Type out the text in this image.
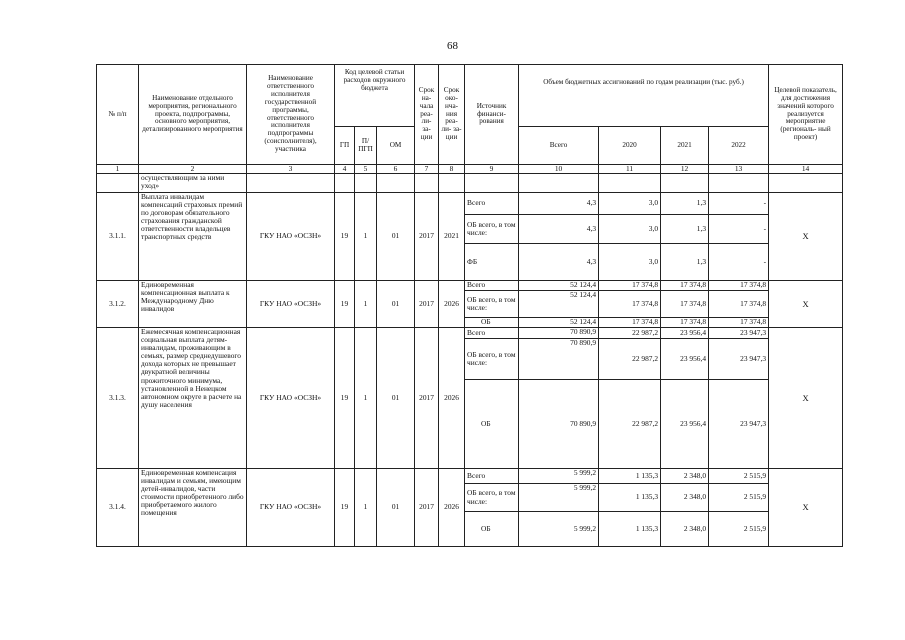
68
№ п/п	Наименование отдельного мероприятия, регионального проекта, подпрограммы, основного мероприятия, детализированного мероприятия	Наименование ответственного исполнителя государственной программы, ответственного исполнителя подпрограммы (соисполнителя), участника	Код целевой статьи расходов окружного бюджета			Срок на- чала реа- ли- за- ции	Срок око- нча- ния реа- ли- за- ции	Источник финанси- рования	Объем бюджетных ассигнований по годам реализации (тыс. руб.)				Целевой показатель, для достижения значений которого реализуется мероприятие (региональ- ный проект)
			ГП	П/ ПГП	ОМ				Всего	2020	2021	2022	
1	2	3	4	5	6	7	8	9	10	11	12	13	14
	осуществляющим за ними уход»												
3.1.1.	Выплата инвалидам компенсаций страховых премий по договорам обязательного страхования гражданской ответственности владельцев транспортных средств	ГКУ НАО «ОСЗН»	19	1	01	2017	2021	Всего	4,3	3,0	1,3	-	Х
								ОБ всего, в том числе:	4,3	3,0	1,3	-	
								ФБ	4,3	3,0	1,3	-	
3.1.2.	Единовременная компенсационная выплата к Международному Дню инвалидов	ГКУ НАО «ОСЗН»	19	1	01	2017	2026	Всего	52 124,4	17 374,8	17 374,8	17 374,8	Х
								ОБ всего, в том числе:	52 124,4	17 374,8	17 374,8	17 374,8	
								ОБ	52 124,4	17 374,8	17 374,8	17 374,8	
3.1.3.	Ежемесячная компенсационная социальная выплата детям-инвалидам, проживающим в семьях, размер среднедушевого дохода которых не превышает двукратной величины прожиточного минимума, установленной в Ненецком автономном округе в расчете на душу населения	ГКУ НАО «ОСЗН»	19	1	01	2017	2026	Всего	70 890,9	22 987,2	23 956,4	23 947,3	Х
								ОБ всего, в том числе:	70 890,9	22 987,2	23 956,4	23 947,3	
								ОБ	70 890,9	22 987,2	23 956,4	23 947,3	
3.1.4.	Единовременная компенсация инвалидам и семьям, имеющим детей-инвалидов, части стоимости приобретенного либо приобретаемого жилого помещения	ГКУ НАО «ОСЗН»	19	1	01	2017	2026	Всего	5 999,2	1 135,3	2 348,0	2 515,9	Х
								ОБ всего, в том числе:	5 999,2	1 135,3	2 348,0	2 515,9	
								ОБ	5 999,2	1 135,3	2 348,0	2 515,9	
